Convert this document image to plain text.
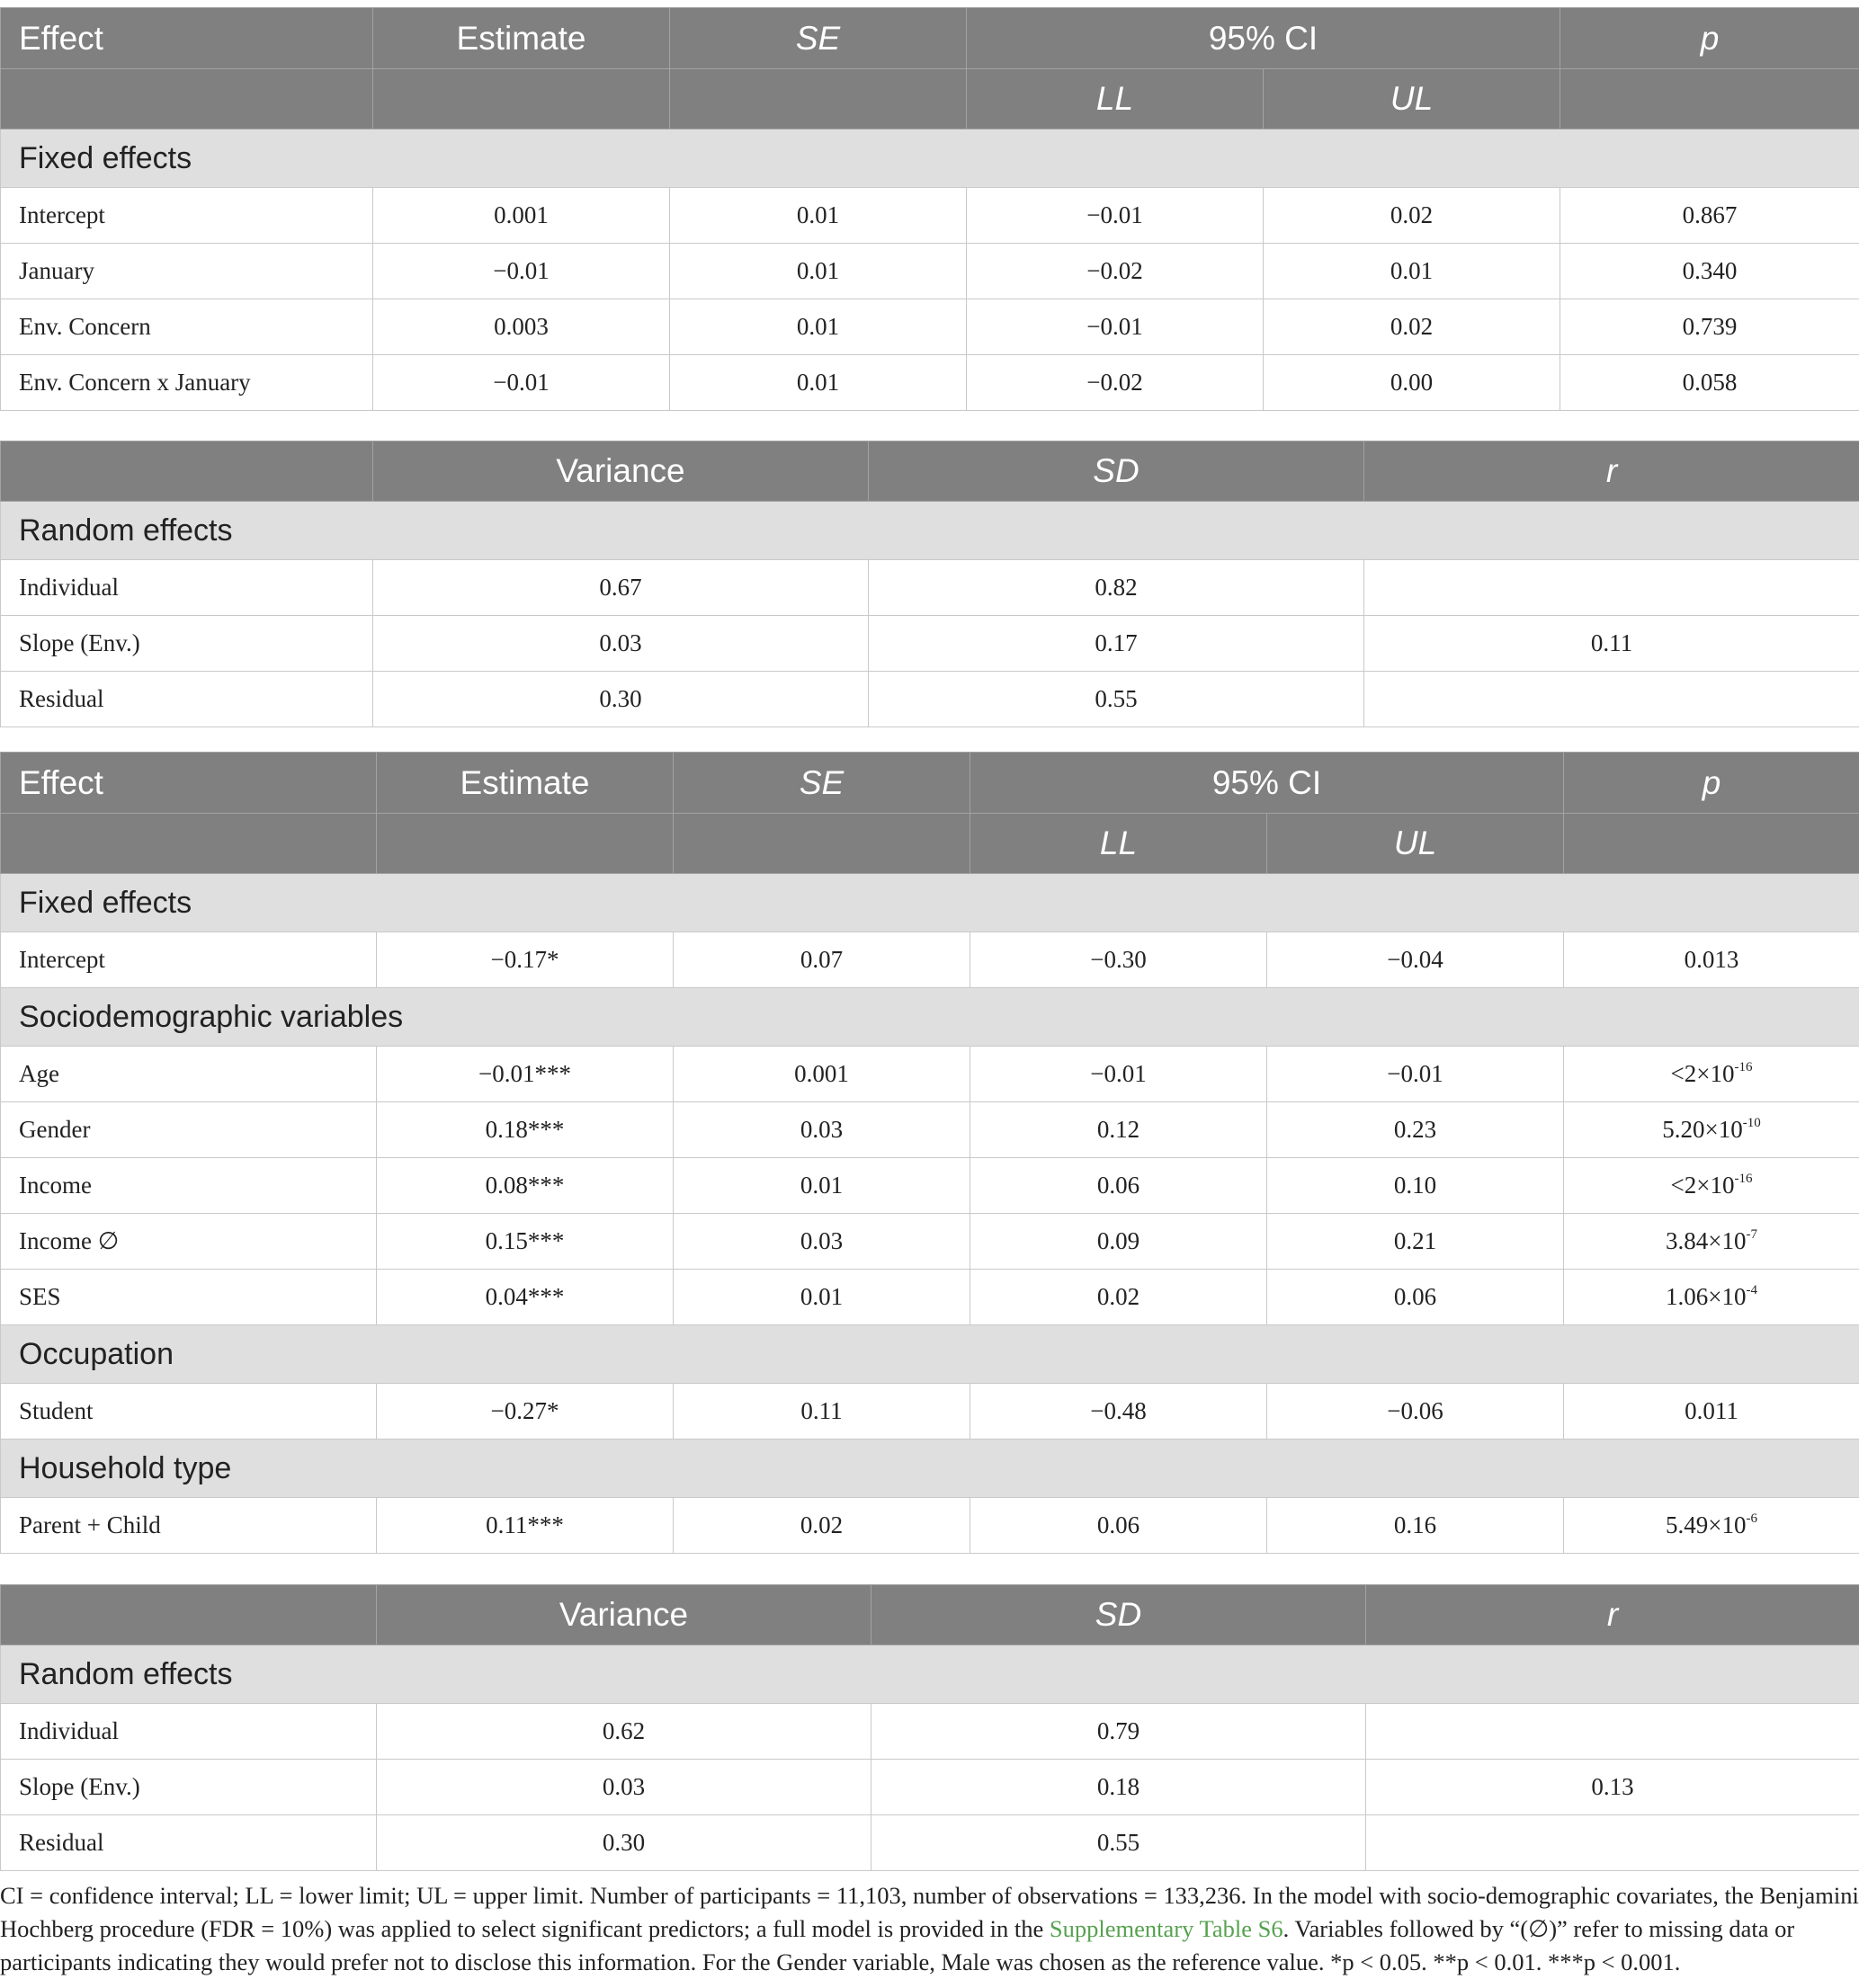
Effect	Estimate	SE	95% CI		p
			LL	UL	
Fixed effects					
Intercept	0.001	0.01	−0.01	0.02	0.867
January	−0.01	0.01	−0.02	0.01	0.340
Env. Concern	0.003	0.01	−0.01	0.02	0.739
Env. Concern x January	−0.01	0.01	−0.02	0.00	0.058
	Variance	SD	r
Random effects			
Individual	0.67	0.82	
Slope (Env.)	0.03	0.17	0.11
Residual	0.30	0.55	
Effect	Estimate	SE	95% CI		p
			LL	UL	
Fixed effects					
Intercept	−0.17*	0.07	−0.30	−0.04	0.013
Sociodemographic variables					
Age	−0.01***	0.001	−0.01	−0.01	$<2\times 10^{-16}$
Gender	0.18***	0.03	0.12	0.23	$5.20\times 10^{-10}$
Income	0.08***	0.01	0.06	0.10	$<2\times 10^{-16}$
Income ∅	0.15***	0.03	0.09	0.21	$3.84\times 10^{-7}$
SES	0.04***	0.01	0.02	0.06	$1.06\times 10^{-4}$
Occupation					
Student	−0.27*	0.11	−0.48	−0.06	0.011
Household type					
Parent + Child	0.11***	0.02	0.06	0.16	$5.49\times 10^{-6}$
	Variance	SD	r
Random effects			
Individual	0.62	0.79	
Slope (Env.)	0.03	0.18	0.13
Residual	0.30	0.55	

CI = confidence interval; LL = lower limit; UL = upper limit. Number of participants = 11,103, number of observations = 133,236. In the model with socio-demographic covariates, the Benjamini Hochberg procedure (FDR = 10%) was applied to select significant predictors; a full model is provided in the Supplementary Table S6. Variables followed by “(∅)” refer to missing data or participants indicating they would prefer not to disclose this information. For the Gender variable, Male was chosen as the reference value. *p < 0.05. **p < 0.01. ***p < 0.001.
